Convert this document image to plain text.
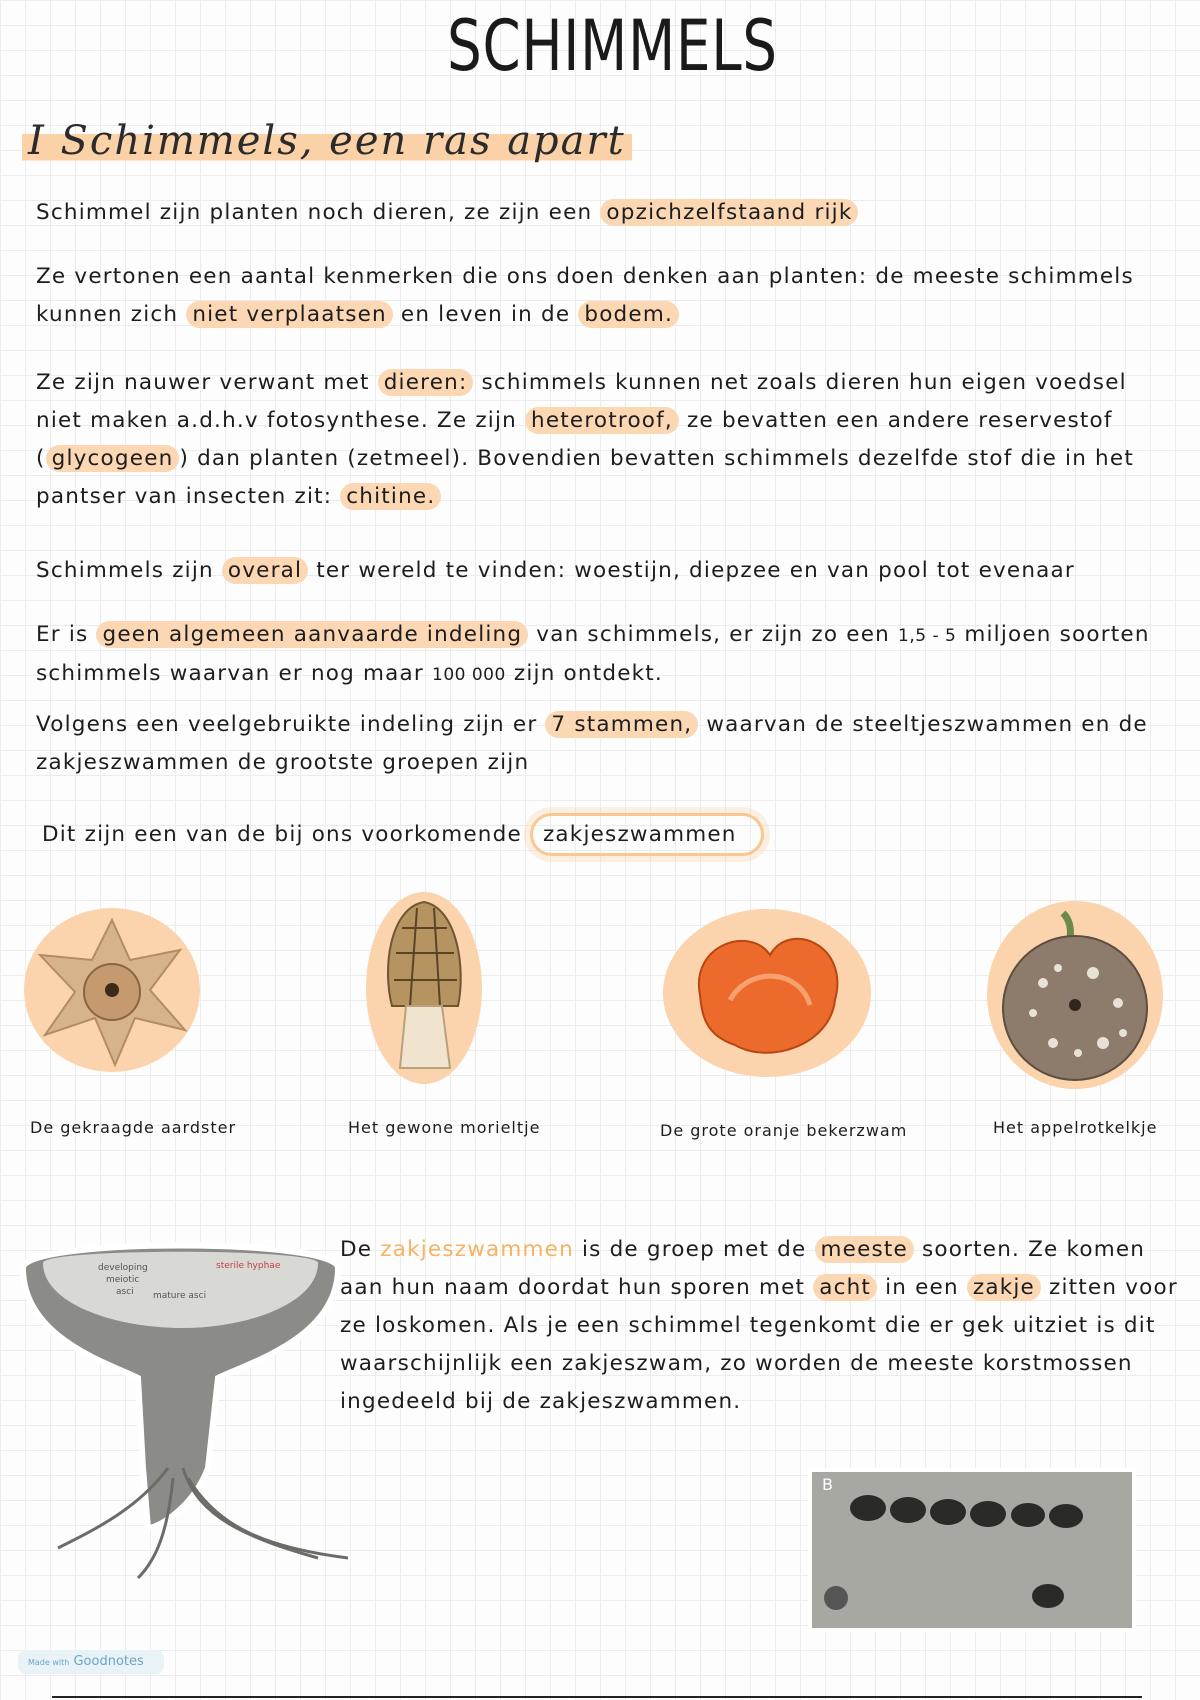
SCHIMMELS
I Schimmels, een ras apart
Schimmel zijn planten noch dieren, ze zijn een opzichzelfstaand rijk
Ze vertonen een aantal kenmerken die ons doen denken aan planten: de meeste schimmels kunnen zich niet verplaatsen en leven in de bodem.
Ze zijn nauwer verwant met dieren: schimmels kunnen net zoals dieren hun eigen voedsel niet maken a.d.h.v fotosynthese. Ze zijn heterotroof, ze bevatten een andere reservestof ( glycogeen ) dan planten (zetmeel). Bovendien bevatten schimmels dezelfde stof die in het pantser van insecten zit: chitine.
Schimmels zijn overal ter wereld te vinden: woestijn, diepzee en van pool tot evenaar
Er is geen algemeen aanvaarde indeling van schimmels, er zijn zo een 1,5 - 5 miljoen soorten schimmels waarvan er nog maar 100 000 zijn ontdekt.
Volgens een veelgebruikte indeling zijn er 7 stammen, waarvan de steeltjeszwammen en de zakjeszwammen de grootste groepen zijn
Dit zijn een van de bij ons voorkomende zakjeszwammen
De gekraagde aardster	Het gewone morieltje	De grote oranje bekerzwam	Het appelrotkelkje
developing
meiotic
asci mature asci
sterile hyphae
De zakjeszwammen is de groep met de meeste soorten. Ze komen aan hun naam doordat hun sporen met acht in een zakje zitten voor ze loskomen. Als je een schimmel tegenkomt die er gek uitziet is dit waarschijnlijk een zakjeszwam, zo worden de meeste korstmossen ingedeeld bij de zakjeszwammen.
B
Made with Goodnotes
